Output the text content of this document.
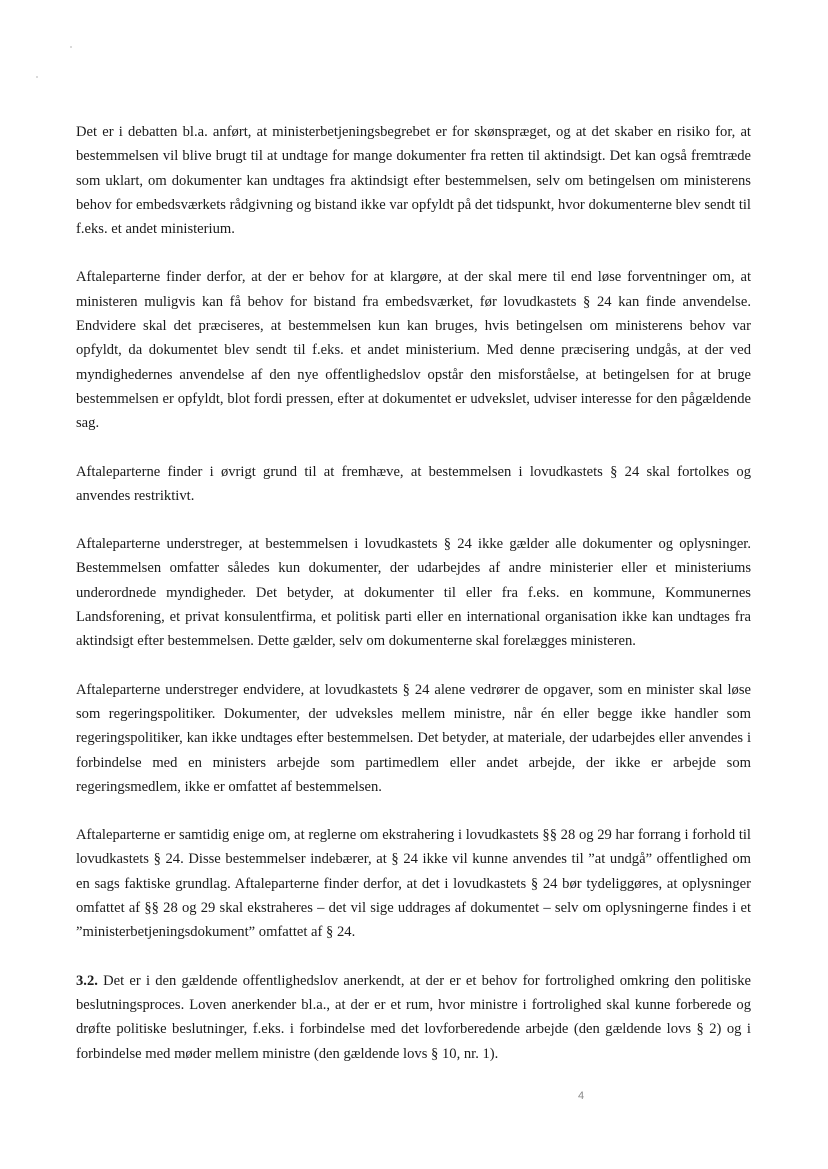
Det er i debatten bl.a. anført, at ministerbetjeningsbegrebet er for skønspræget, og at det skaber en risiko for, at bestemmelsen vil blive brugt til at undtage for mange dokumenter fra retten til aktindsigt. Det kan også fremtræde som uklart, om dokumenter kan undtages fra aktindsigt efter bestemmelsen, selv om betingelsen om ministerens behov for embedsværkets rådgivning og bistand ikke var opfyldt på det tidspunkt, hvor dokumenterne blev sendt til f.eks. et andet ministerium.

Aftaleparterne finder derfor, at der er behov for at klargøre, at der skal mere til end løse forventninger om, at ministeren muligvis kan få behov for bistand fra embedsværket, før lovudkastets § 24 kan finde anvendelse. Endvidere skal det præciseres, at bestemmelsen kun kan bruges, hvis betingelsen om ministerens behov var opfyldt, da dokumentet blev sendt til f.eks. et andet ministerium. Med denne præcisering undgås, at der ved myndighedernes anvendelse af den nye offentlighedslov opstår den misforståelse, at betingelsen for at bruge bestemmelsen er opfyldt, blot fordi pressen, efter at dokumentet er udvekslet, udviser interesse for den pågældende sag.

Aftaleparterne finder i øvrigt grund til at fremhæve, at bestemmelsen i lovudkastets § 24 skal fortolkes og anvendes restriktivt.

Aftaleparterne understreger, at bestemmelsen i lovudkastets § 24 ikke gælder alle dokumenter og oplysninger. Bestemmelsen omfatter således kun dokumenter, der udarbejdes af andre ministerier eller et ministeriums underordnede myndigheder. Det betyder, at dokumenter til eller fra f.eks. en kommune, Kommunernes Landsforening, et privat konsulentfirma, et politisk parti eller en international organisation ikke kan undtages fra aktindsigt efter bestemmelsen. Dette gælder, selv om dokumenterne skal forelægges ministeren.

Aftaleparterne understreger endvidere, at lovudkastets § 24 alene vedrører de opgaver, som en minister skal løse som regeringspolitiker. Dokumenter, der udveksles mellem ministre, når én eller begge ikke handler som regeringspolitiker, kan ikke undtages efter bestemmelsen. Det betyder, at materiale, der udarbejdes eller anvendes i forbindelse med en ministers arbejde som partimedlem eller andet arbejde, der ikke er arbejde som regeringsmedlem, ikke er omfattet af bestemmelsen.

Aftaleparterne er samtidig enige om, at reglerne om ekstrahering i lovudkastets §§ 28 og 29 har forrang i forhold til lovudkastets § 24. Disse bestemmelser indebærer, at § 24 ikke vil kunne anvendes til ”at undgå” offentlighed om en sags faktiske grundlag. Aftaleparterne finder derfor, at det i lovudkastets § 24 bør tydeliggøres, at oplysninger omfattet af §§ 28 og 29 skal ekstraheres – det vil sige uddrages af dokumentet – selv om oplysningerne findes i et ”ministerbetjeningsdokument” omfattet af § 24.

3.2. Det er i den gældende offentlighedslov anerkendt, at der er et behov for fortrolighed omkring den politiske beslutningsproces. Loven anerkender bl.a., at der er et rum, hvor ministre i fortrolighed skal kunne forberede og drøfte politiske beslutninger, f.eks. i forbindelse med det lovforberedende arbejde (den gældende lovs § 2) og i forbindelse med møder mellem ministre (den gældende lovs § 10, nr. 1).

4
